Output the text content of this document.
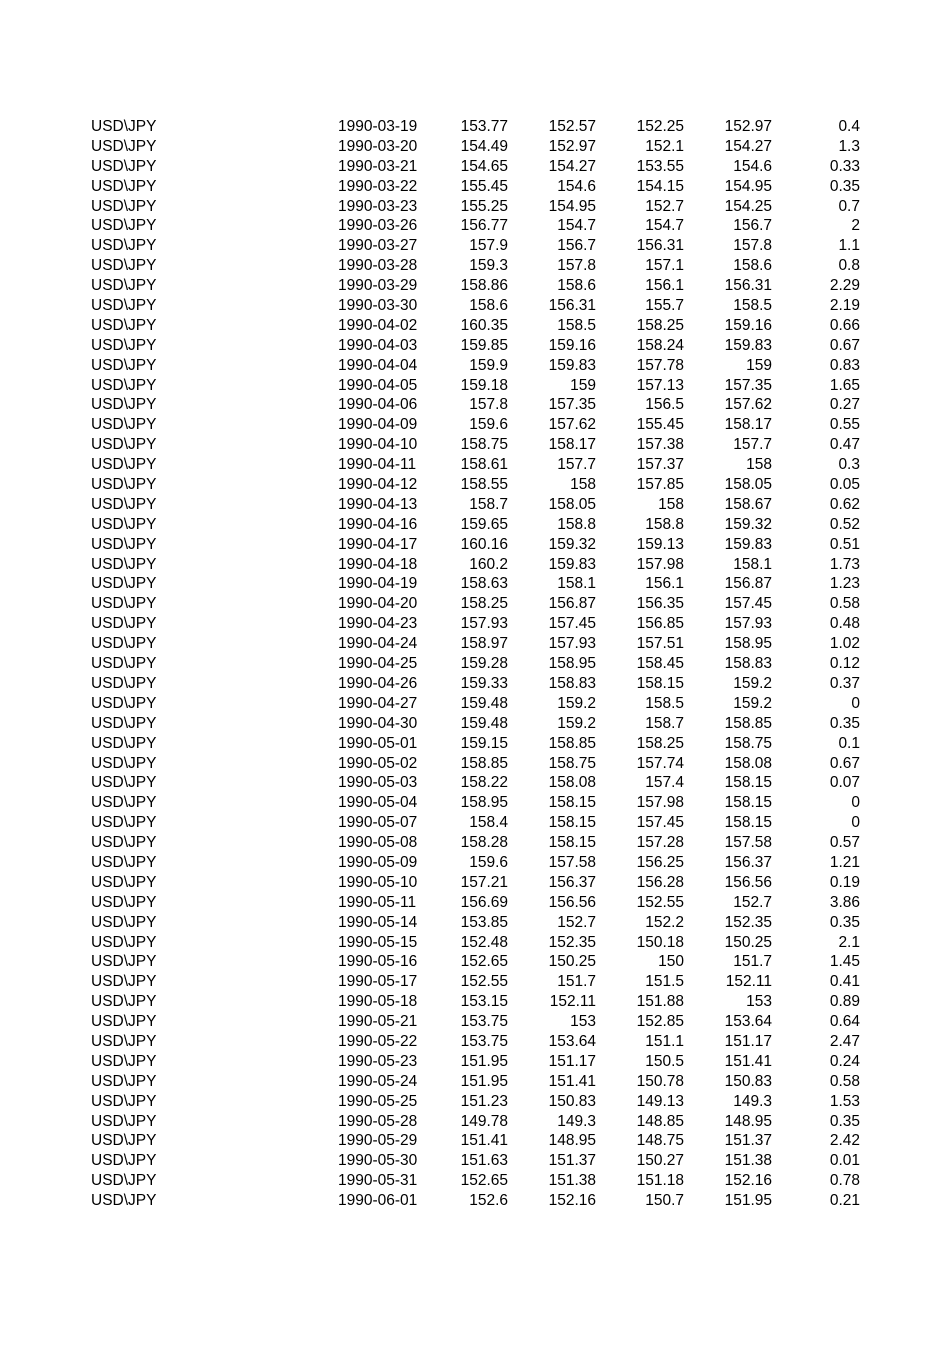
USD\JPY	1990-03-19	153.77	152.57	152.25	152.97	0.4
USD\JPY	1990-03-20	154.49	152.97	152.1	154.27	1.3
USD\JPY	1990-03-21	154.65	154.27	153.55	154.6	0.33
USD\JPY	1990-03-22	155.45	154.6	154.15	154.95	0.35
USD\JPY	1990-03-23	155.25	154.95	152.7	154.25	0.7
USD\JPY	1990-03-26	156.77	154.7	154.7	156.7	2
USD\JPY	1990-03-27	157.9	156.7	156.31	157.8	1.1
USD\JPY	1990-03-28	159.3	157.8	157.1	158.6	0.8
USD\JPY	1990-03-29	158.86	158.6	156.1	156.31	2.29
USD\JPY	1990-03-30	158.6	156.31	155.7	158.5	2.19
USD\JPY	1990-04-02	160.35	158.5	158.25	159.16	0.66
USD\JPY	1990-04-03	159.85	159.16	158.24	159.83	0.67
USD\JPY	1990-04-04	159.9	159.83	157.78	159	0.83
USD\JPY	1990-04-05	159.18	159	157.13	157.35	1.65
USD\JPY	1990-04-06	157.8	157.35	156.5	157.62	0.27
USD\JPY	1990-04-09	159.6	157.62	155.45	158.17	0.55
USD\JPY	1990-04-10	158.75	158.17	157.38	157.7	0.47
USD\JPY	1990-04-11	158.61	157.7	157.37	158	0.3
USD\JPY	1990-04-12	158.55	158	157.85	158.05	0.05
USD\JPY	1990-04-13	158.7	158.05	158	158.67	0.62
USD\JPY	1990-04-16	159.65	158.8	158.8	159.32	0.52
USD\JPY	1990-04-17	160.16	159.32	159.13	159.83	0.51
USD\JPY	1990-04-18	160.2	159.83	157.98	158.1	1.73
USD\JPY	1990-04-19	158.63	158.1	156.1	156.87	1.23
USD\JPY	1990-04-20	158.25	156.87	156.35	157.45	0.58
USD\JPY	1990-04-23	157.93	157.45	156.85	157.93	0.48
USD\JPY	1990-04-24	158.97	157.93	157.51	158.95	1.02
USD\JPY	1990-04-25	159.28	158.95	158.45	158.83	0.12
USD\JPY	1990-04-26	159.33	158.83	158.15	159.2	0.37
USD\JPY	1990-04-27	159.48	159.2	158.5	159.2	0
USD\JPY	1990-04-30	159.48	159.2	158.7	158.85	0.35
USD\JPY	1990-05-01	159.15	158.85	158.25	158.75	0.1
USD\JPY	1990-05-02	158.85	158.75	157.74	158.08	0.67
USD\JPY	1990-05-03	158.22	158.08	157.4	158.15	0.07
USD\JPY	1990-05-04	158.95	158.15	157.98	158.15	0
USD\JPY	1990-05-07	158.4	158.15	157.45	158.15	0
USD\JPY	1990-05-08	158.28	158.15	157.28	157.58	0.57
USD\JPY	1990-05-09	159.6	157.58	156.25	156.37	1.21
USD\JPY	1990-05-10	157.21	156.37	156.28	156.56	0.19
USD\JPY	1990-05-11	156.69	156.56	152.55	152.7	3.86
USD\JPY	1990-05-14	153.85	152.7	152.2	152.35	0.35
USD\JPY	1990-05-15	152.48	152.35	150.18	150.25	2.1
USD\JPY	1990-05-16	152.65	150.25	150	151.7	1.45
USD\JPY	1990-05-17	152.55	151.7	151.5	152.11	0.41
USD\JPY	1990-05-18	153.15	152.11	151.88	153	0.89
USD\JPY	1990-05-21	153.75	153	152.85	153.64	0.64
USD\JPY	1990-05-22	153.75	153.64	151.1	151.17	2.47
USD\JPY	1990-05-23	151.95	151.17	150.5	151.41	0.24
USD\JPY	1990-05-24	151.95	151.41	150.78	150.83	0.58
USD\JPY	1990-05-25	151.23	150.83	149.13	149.3	1.53
USD\JPY	1990-05-28	149.78	149.3	148.85	148.95	0.35
USD\JPY	1990-05-29	151.41	148.95	148.75	151.37	2.42
USD\JPY	1990-05-30	151.63	151.37	150.27	151.38	0.01
USD\JPY	1990-05-31	152.65	151.38	151.18	152.16	0.78
USD\JPY	1990-06-01	152.6	152.16	150.7	151.95	0.21
